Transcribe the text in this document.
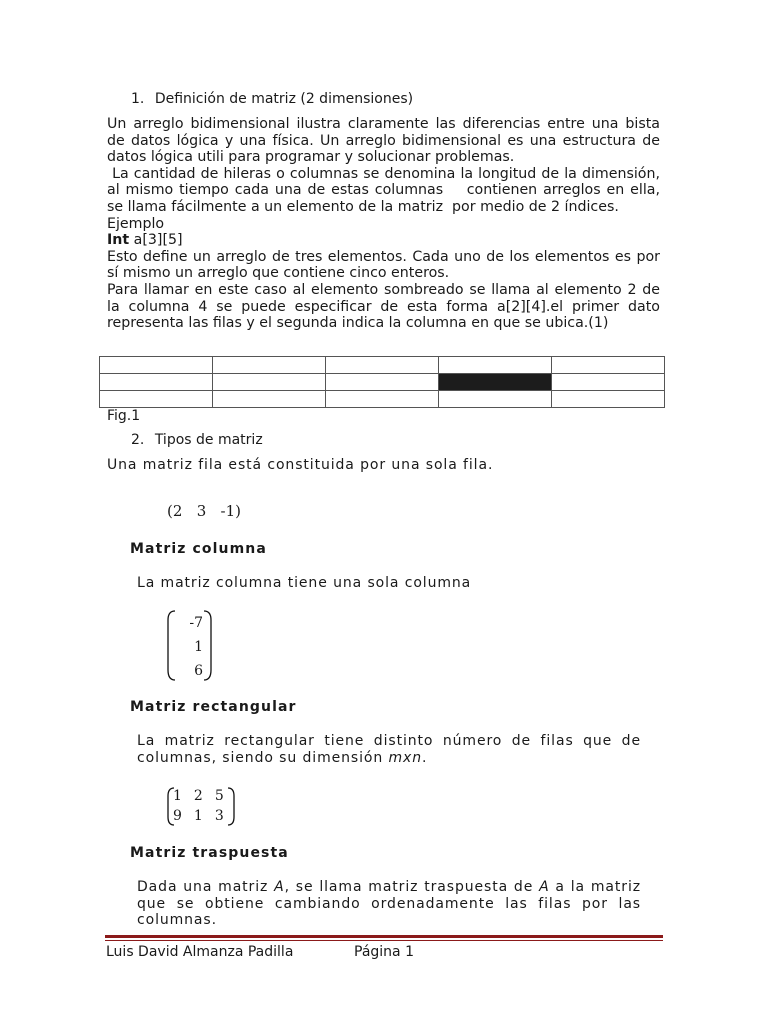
1. Definición de matriz (2 dimensiones)

Un arreglo bidimensional ilustra claramente las diferencias entre una bista de datos lógica y una física. Un arreglo bidimensional es una estructura de datos lógica utili para programar y solucionar problemas.

La cantidad de hileras o columnas se denomina la longitud de la dimensión, al mismo tiempo cada una de estas columnas    contienen arreglos en ella, se llama fácilmente a un elemento de la matriz  por medio de 2 índices.

Ejemplo

Int a[3][5]

Esto define un arreglo de tres elementos. Cada uno de los elementos es por sí mismo un arreglo que contiene cinco enteros.

Para llamar en este caso al elemento sombreado se llama al elemento 2 de la columna 4 se puede especificar de esta forma a[2][4].el primer dato representa las filas y el segunda indica la columna en que se ubica.(1)

Fig.1
2. Tipos de matriz
Una matriz fila está constituida por una sola fila.
(2   3   -1)
Matriz columna
La matriz columna tiene una sola columna
-7
1
6
Matriz rectangular
La matriz rectangular tiene distinto número de filas que de columnas, siendo su dimensión mxn.
1 2 5
9 1 3
Matriz traspuesta
Dada una matriz A, se llama matriz traspuesta de A a la matriz que se obtiene cambiando ordenadamente las filas por las columnas.
Luis David Almanza Padilla	Página 1
